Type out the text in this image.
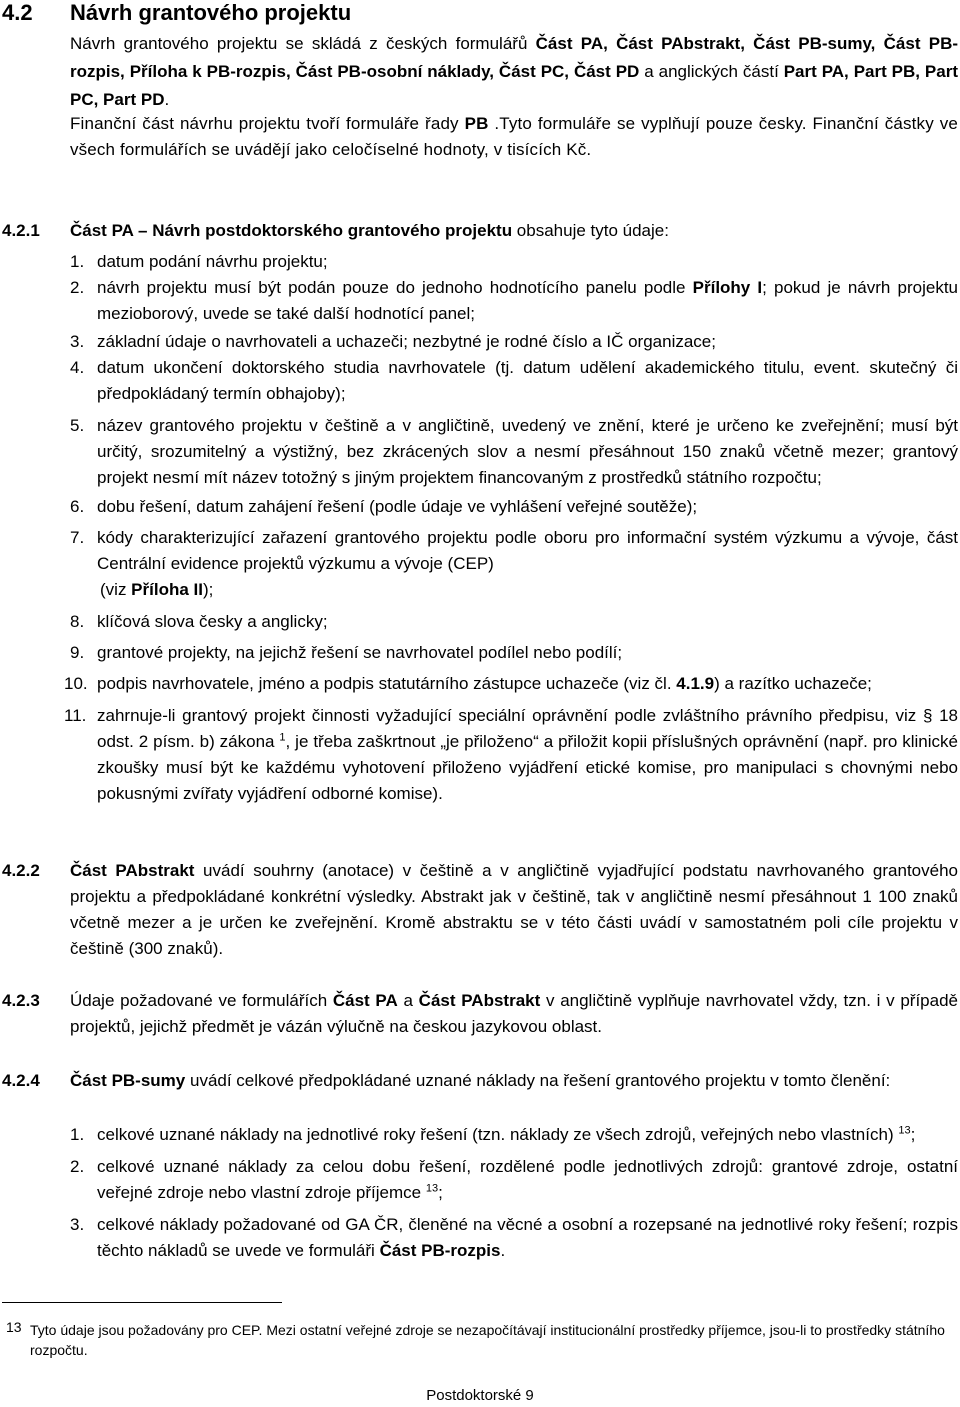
4.2 Návrh grantového projektu
Návrh grantového projektu se skládá z českých formulářů Část PA, Část PAbstrakt, Část PB-sumy, Část PB-rozpis, Příloha k PB-rozpis, Část PB-osobní náklady, Část PC, Část PD a anglických částí Part PA, Part PB, Part PC, Part PD.
Finanční část návrhu projektu tvoří formuláře řady PB .Tyto formuláře se vyplňují pouze česky. Finanční částky ve všech formulářích se uvádějí jako celočíselné hodnoty, v tisících Kč.
4.2.1 Část PA – Návrh postdoktorského grantového projektu obsahuje tyto údaje:
1. datum podání návrhu projektu;
2. návrh projektu musí být podán pouze do jednoho hodnotícího panelu podle Přílohy I; pokud je návrh projektu mezioborový, uvede se také další hodnotící panel;
3. základní údaje o navrhovateli a uchazeči; nezbytné je rodné číslo a IČ organizace;
4. datum ukončení doktorského studia navrhovatele (tj. datum udělení akademického titulu, event. skutečný či předpokládaný termín obhajoby);
5. název grantového projektu v češtině a v angličtině, uvedený ve znění, které je určeno ke zveřejnění; musí být určitý, srozumitelný a výstižný, bez zkrácených slov a nesmí přesáhnout 150 znaků včetně mezer; grantový projekt nesmí mít název totožný s jiným projektem financovaným z prostředků státního rozpočtu;
6. dobu řešení, datum zahájení řešení (podle údaje ve vyhlášení veřejné soutěže);
7. kódy charakterizující zařazení grantového projektu podle oboru pro informační systém výzkumu a vývoje, část Centrální evidence projektů výzkumu a vývoje (CEP)
(viz Příloha II);
8. klíčová slova česky a anglicky;
9. grantové projekty, na jejichž řešení se navrhovatel podílel nebo podílí;
10. podpis navrhovatele, jméno a podpis statutárního zástupce uchazeče (viz čl. 4.1.9) a razítko uchazeče;
11. zahrnuje-li grantový projekt činnosti vyžadující speciální oprávnění podle zvláštního právního předpisu, viz § 18 odst. 2 písm. b) zákona $^1$, je třeba zaškrtnout „je přiloženo“ a přiložit kopii příslušných oprávnění (např. pro klinické zkoušky musí být ke každému vyhotovení přiloženo vyjádření etické komise, pro manipulaci s chovnými nebo pokusnými zvířaty vyjádření odborné komise).
4.2.2 Část PAbstrakt uvádí souhrny (anotace) v češtině a v angličtině vyjadřující podstatu navrhovaného grantového projektu a předpokládané konkrétní výsledky. Abstrakt jak v češtině, tak v angličtině nesmí přesáhnout 1 100 znaků včetně mezer a je určen ke zveřejnění. Kromě abstraktu se v této části uvádí v samostatném poli cíle projektu v češtině (300 znaků).
4.2.3 Údaje požadované ve formulářích Část PA a Část PAbstrakt v angličtině vyplňuje navrhovatel vždy, tzn. i v případě projektů, jejichž předmět je vázán výlučně na českou jazykovou oblast.
4.2.4 Část PB-sumy uvádí celkové předpokládané uznané náklady na řešení grantového projektu v tomto členění:
1. celkové uznané náklady na jednotlivé roky řešení (tzn. náklady ze všech zdrojů, veřejných nebo vlastních) $^{13}$;
2. celkové uznané náklady za celou dobu řešení, rozdělené podle jednotlivých zdrojů: grantové zdroje, ostatní veřejné zdroje nebo vlastní zdroje příjemce $^{13}$;
3. celkové náklady požadované od GA ČR, členěné na věcné a osobní a rozepsané na jednotlivé roky řešení; rozpis těchto nákladů se uvede ve formuláři Část PB-rozpis.
13 Tyto údaje jsou požadovány pro CEP. Mezi ostatní veřejné zdroje se nezapočítávají institucionální prostředky příjemce, jsou-li to prostředky státního rozpočtu.
Postdoktorské 9
